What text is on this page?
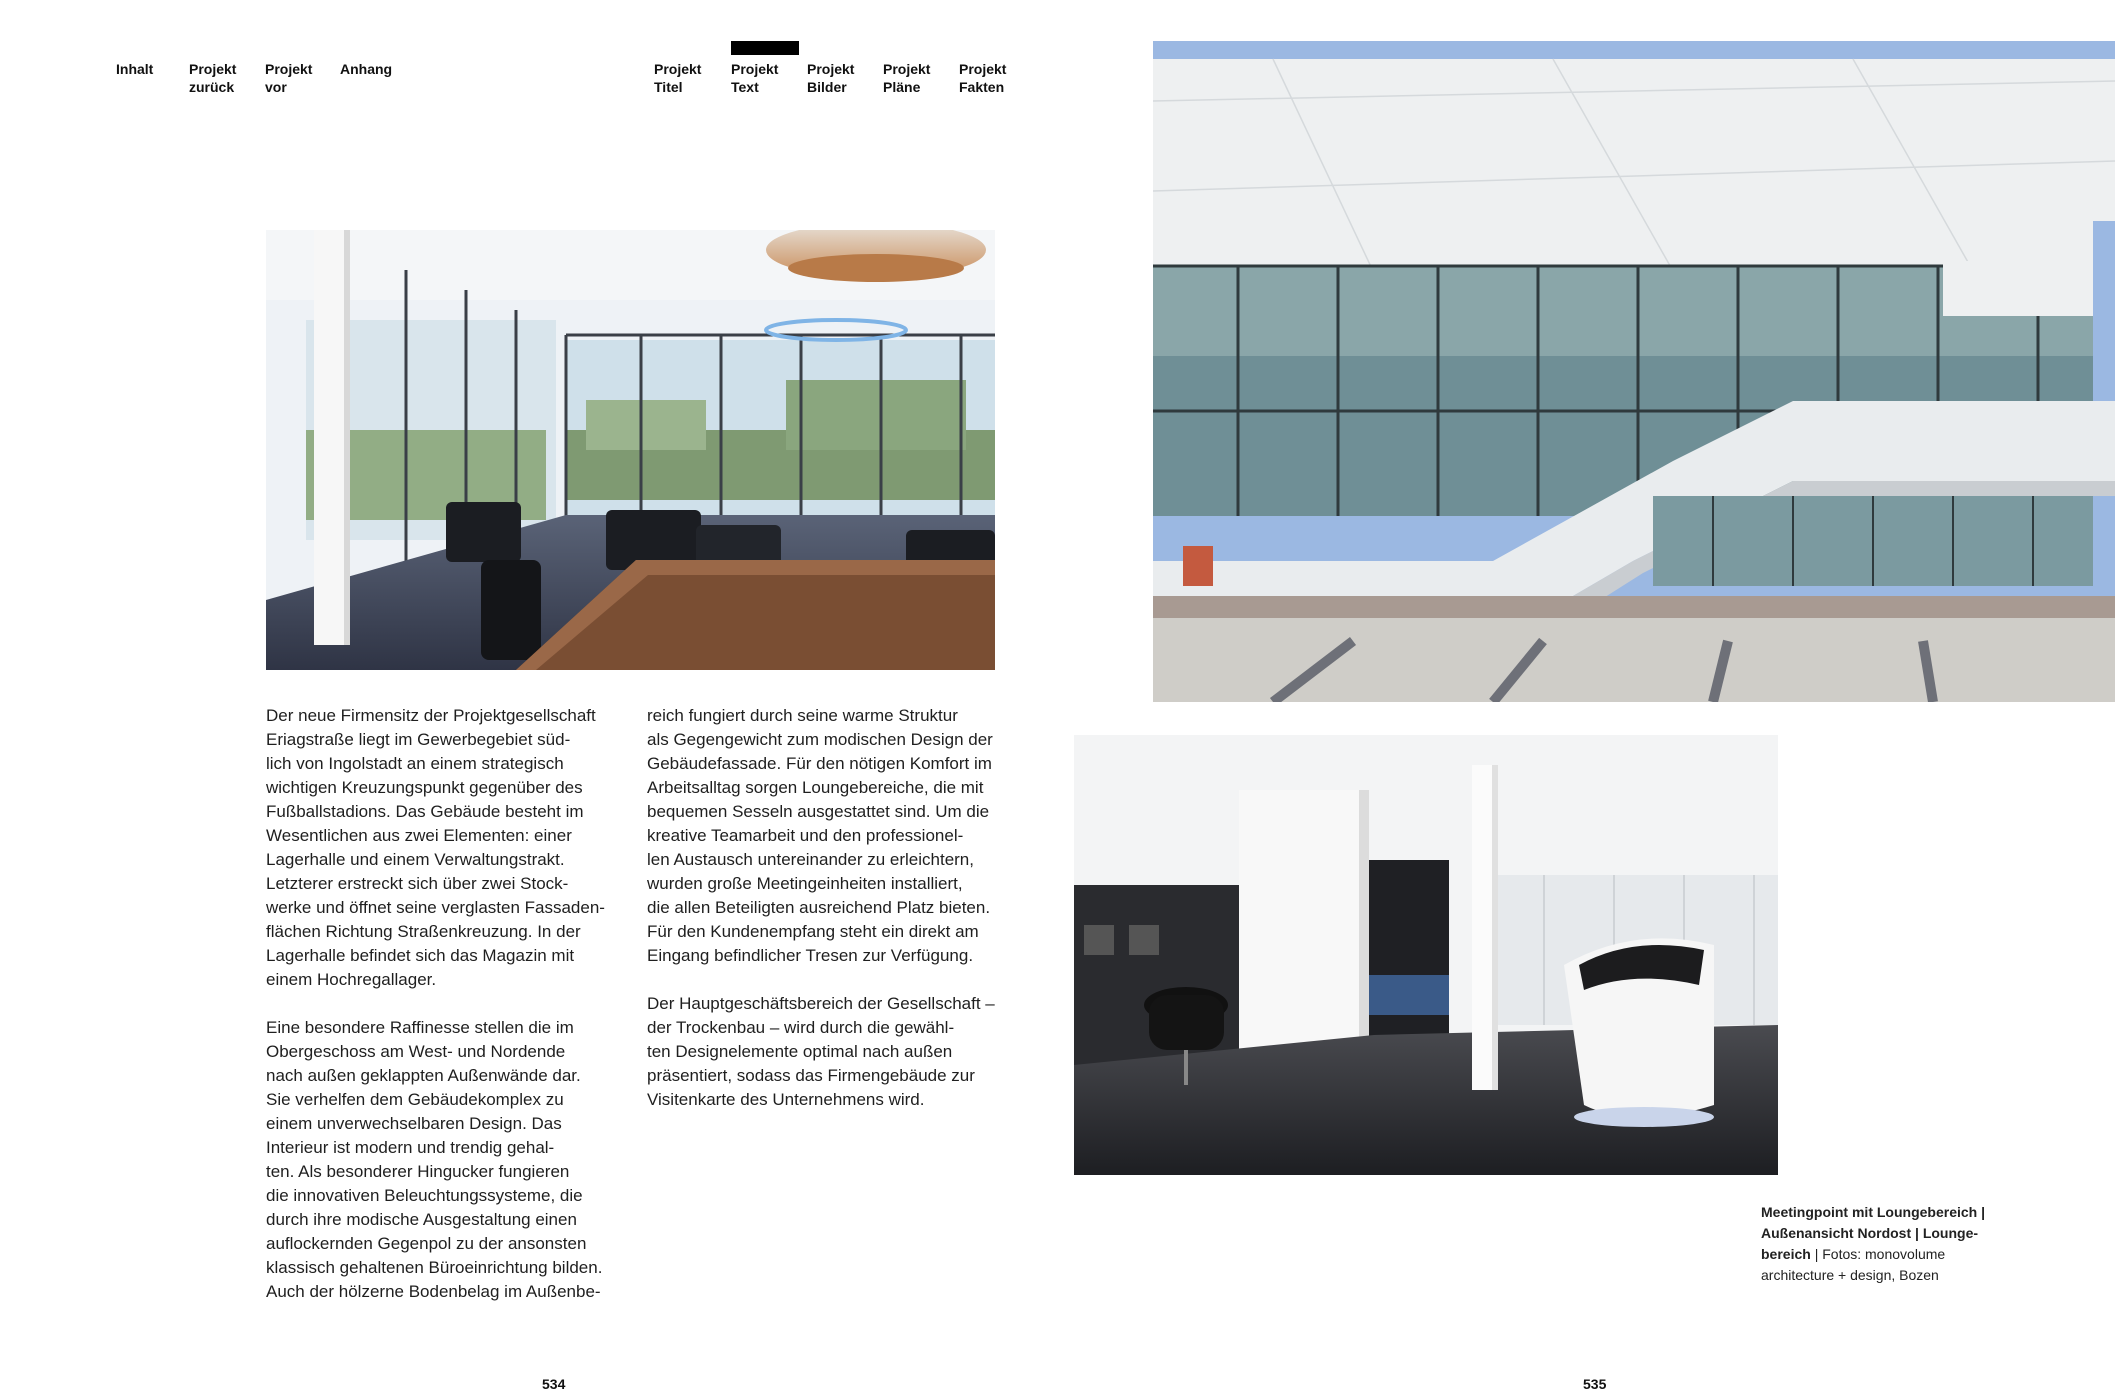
Inhalt	Projekt
zurück
Projekt
vor
Anhang	Projekt
Titel
Projekt
Text
Projekt
Bilder
Projekt
Pläne
Projekt
Fakten

Der neue Firmensitz der Projektgesellschaft
Eriagstraße liegt im Gewerbegebiet süd-
lich von Ingolstadt an einem strategisch
wichtigen Kreuzungspunkt gegenüber des
Fußballstadions. Das Gebäude besteht im
Wesentlichen aus zwei Elementen: einer
Lagerhalle und einem Verwaltungstrakt.
Letzterer erstreckt sich über zwei Stock-
werke und öffnet seine verglasten Fassaden-
flächen Richtung Straßenkreuzung. In der
Lagerhalle befindet sich das Magazin mit
einem Hochregallager.

Eine besondere Raffinesse stellen die im
Obergeschoss am West- und Nordende
nach außen geklappten Außenwände dar.
Sie verhelfen dem Gebäudekomplex zu
einem unverwechselbaren Design. Das
Interieur ist modern und trendig gehal-
ten. Als besonderer Hingucker fungieren
die innovativen Beleuchtungssysteme, die
durch ihre modische Ausgestaltung einen
auflockernden Gegenpol zu der ansonsten
klassisch gehaltenen Büroeinrichtung bilden.
Auch der hölzerne Bodenbelag im Außenbe-

reich fungiert durch seine warme Struktur
als Gegengewicht zum modischen Design der
Gebäudefassade. Für den nötigen Komfort im
Arbeitsalltag sorgen Loungebereiche, die mit
bequemen Sesseln ausgestattet sind. Um die
kreative Teamarbeit und den professionel-
len Austausch untereinander zu erleichtern,
wurden große Meetingeinheiten installiert,
die allen Beteiligten ausreichend Platz bieten.
Für den Kundenempfang steht ein direkt am
Eingang befindlicher Tresen zur Verfügung.

Der Hauptgeschäftsbereich der Gesellschaft –
der Trockenbau – wird durch die gewähl-
ten Designelemente optimal nach außen
präsentiert, sodass das Firmengebäude zur
Visitenkarte des Unternehmens wird.

Meetingpoint mit Loungebereich |
Außenansicht Nordost | Lounge-
bereich | Fotos: monovolume
architecture + design, Bozen
534	535
